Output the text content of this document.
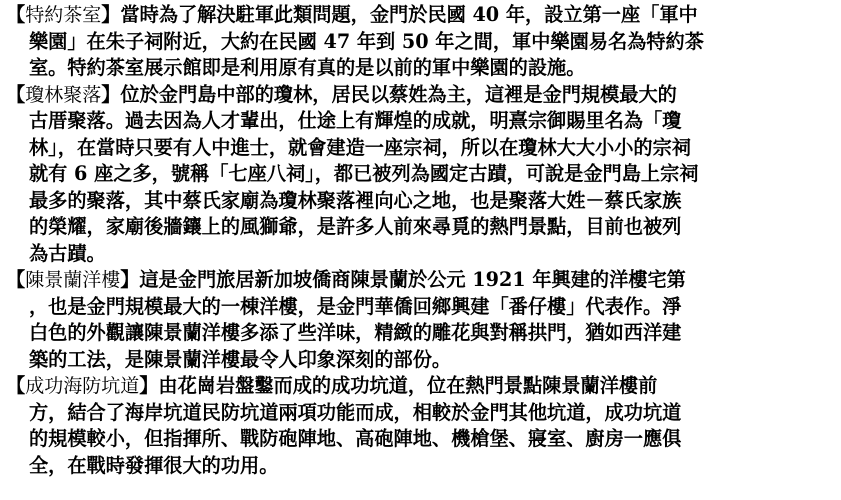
【特約茶室】當時為了解決駐軍此類問題，金門於民國 40 年，設立第一座「軍中
樂園」在朱子祠附近，大約在民國 47 年到 50 年之間，軍中樂園易名為特約茶
室。特約茶室展示館即是利用原有真的是以前的軍中樂園的設施。
【瓊林聚落】位於金門島中部的瓊林，居民以蔡姓為主，這裡是金門規模最大的
古厝聚落。過去因為人才輩出，仕途上有輝煌的成就，明熹宗御賜里名為「瓊
林」，在當時只要有人中進士，就會建造一座宗祠，所以在瓊林大大小小的宗祠
就有 6 座之多，號稱「七座八祠」，都已被列為國定古蹟，可說是金門島上宗祠
最多的聚落，其中蔡氏家廟為瓊林聚落裡向心之地，也是聚落大姓－蔡氏家族
的榮耀，家廟後牆鑲上的風獅爺，是許多人前來尋覓的熱門景點，目前也被列
為古蹟。
【陳景蘭洋樓】這是金門旅居新加坡僑商陳景蘭於公元 1921 年興建的洋樓宅第
，也是金門規模最大的一棟洋樓，是金門華僑回鄉興建「番仔樓」代表作。淨
白色的外觀讓陳景蘭洋樓多添了些洋味，精緻的雕花與對稱拱門，猶如西洋建
築的工法，是陳景蘭洋樓最令人印象深刻的部份。
【成功海防坑道】由花崗岩盤鑿而成的成功坑道，位在熱門景點陳景蘭洋樓前
方，結合了海岸坑道民防坑道兩項功能而成，相較於金門其他坑道，成功坑道
的規模較小，但指揮所、戰防砲陣地、高砲陣地、機槍堡、寢室、廚房一應俱
全，在戰時發揮很大的功用。
